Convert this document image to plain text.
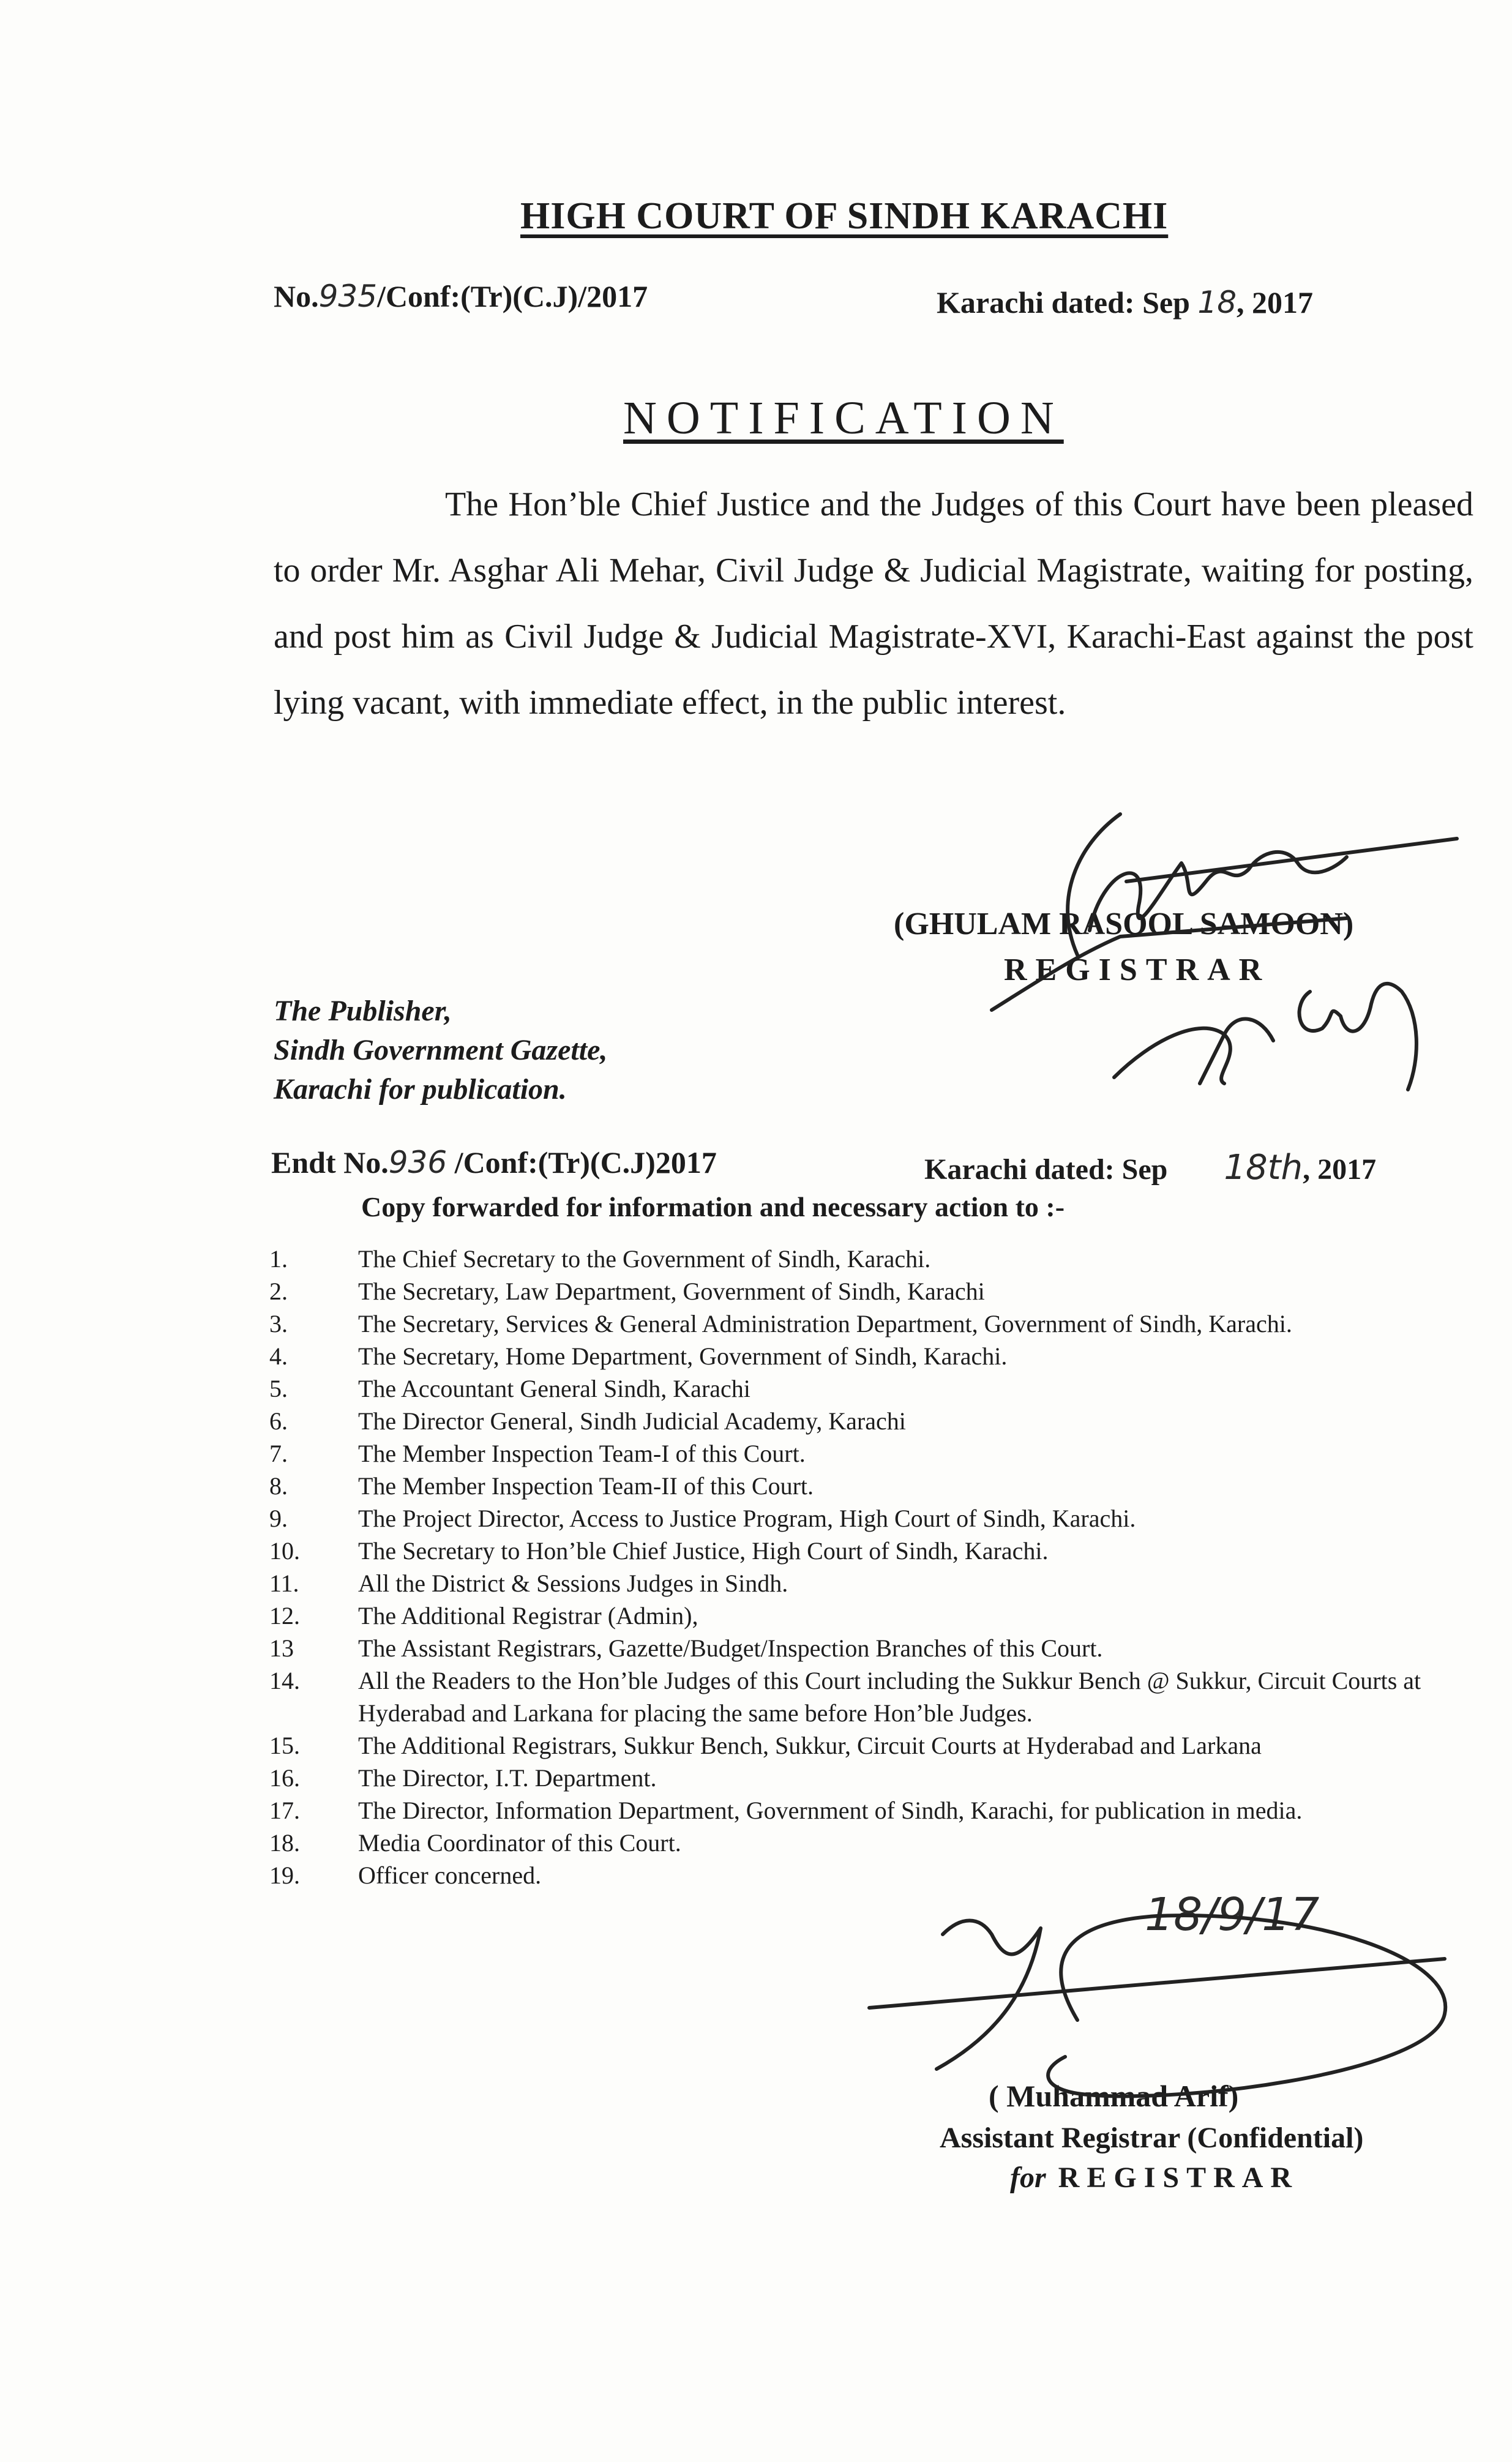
HIGH COURT OF SINDH KARACHI
No.935/Conf:(Tr)(C.J)/2017	Karachi dated: Sep 18, 2017
NOTIFICATION

The Hon’ble Chief Justice and the Judges of this Court have been pleased to order Mr. Asghar Ali Mehar, Civil Judge & Judicial Magistrate, waiting for posting, and post him as Civil Judge & Judicial Magistrate-XVI, Karachi-East against the post lying vacant, with immediate effect, in the public interest.

(GHULAM RASOOL SAMOON)
REGISTRAR
The Publisher,
Sindh Government Gazette,
Karachi for publication.
Endt No.936 /Conf:(Tr)(C.J)2017	Karachi dated: Sep 18th, 2017
Copy forwarded for information and necessary action to :-
1.	The Chief Secretary to the Government of Sindh, Karachi.
2.	The Secretary, Law Department, Government of Sindh, Karachi
3.	The Secretary, Services & General Administration Department, Government of Sindh, Karachi.
4.	The Secretary, Home Department, Government of Sindh, Karachi.
5.	The Accountant General Sindh, Karachi
6.	The Director General, Sindh Judicial Academy, Karachi
7.	The Member Inspection Team-I of this Court.
8.	The Member Inspection Team-II of this Court.
9.	The Project Director, Access to Justice Program, High Court of Sindh, Karachi.
10.	The Secretary to Hon’ble Chief Justice, High Court of Sindh, Karachi.
11.	All the District & Sessions Judges in Sindh.
12.	The Additional Registrar (Admin),
13	The Assistant Registrars, Gazette/Budget/Inspection Branches of this Court.
14.	All the Readers to the Hon’ble Judges of this Court including the Sukkur Bench @ Sukkur, Circuit Courts at Hyderabad and Larkana for placing the same before Hon’ble Judges.
15.	The Additional Registrars, Sukkur Bench, Sukkur, Circuit Courts at Hyderabad and Larkana
16.	The Director, I.T. Department.
17.	The Director, Information Department, Government of Sindh, Karachi, for publication in media.
18.	Media Coordinator of this Court.
19.	Officer concerned.
18/9/17
( Muhammad Arif)
Assistant Registrar (Confidential)
for REGISTRAR
